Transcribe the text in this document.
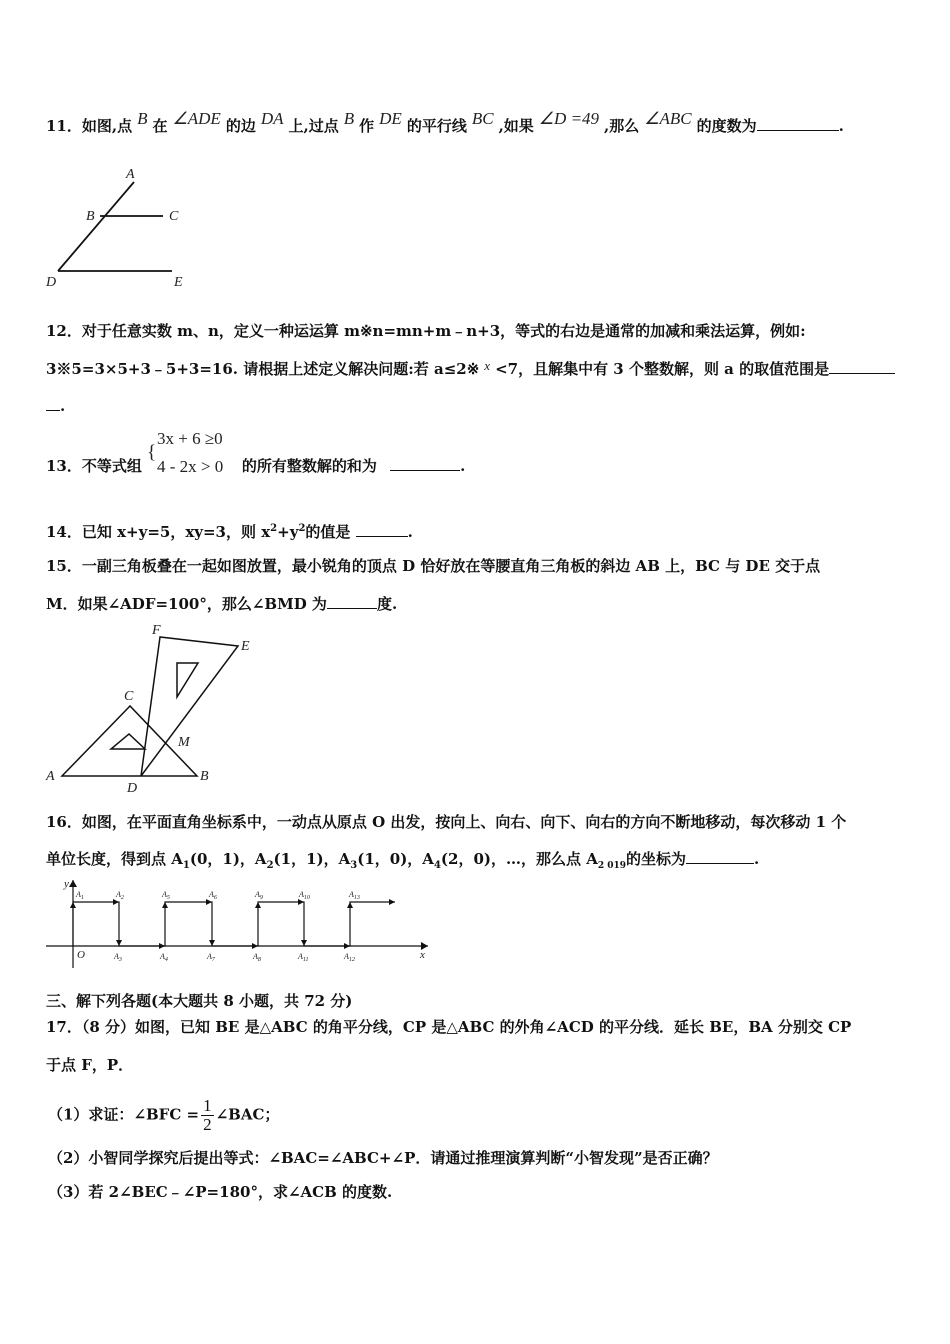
11．如图,点 B 在 ∠ADE 的边 DA 上,过点 B 作 DE 的平行线 BC ,如果 ∠D =49 ,那么 ∠ABC 的度数为	.
A
B	C
D	E
F
E
C
M
A
D
B
y
x
O
$A_1$	$A_2$	$A_5$	$A_6$	$A_9$	$A_{10}$	$A_{13}$
$A_3$	$A_4$	$A_7$	$A_8$	$A_{11}$	$A_{12}$
12．对于任意实数 m、n，定义一种运运算 m※n=mn+m﹣n+3，等式的右边是通常的加减和乘法运算，例如:
3※5=3×5+3﹣5+3=16. 请根据上述定义解决问题:若 a≤2※ x <7，且解集中有 3 个整数解，则 a 的取值范围是
.
13．不等式组	的所有整数解的和为	.
{
3x + 6 ≥0
4 - 2x > 0
14．已知 x+y=5，xy=3，则 $x^2+y^2$的值是	.
15．一副三角板叠在一起如图放置，最小锐角的顶点 D 恰好放在等腰直角三角板的斜边 AB 上，BC 与 DE 交于点
M．如果∠ADF=100°，那么∠BMD 为	度.
16．如图，在平面直角坐标系中，一动点从原点 O 出发，按向上、向右、向下、向右的方向不断地移动，每次移动 1 个
单位长度，得到点 $A_1(0$，1)，$A_2(1$，1)，$A_3(1$，0)，$A_4(2$，0)，…，那么点 $A_{2 019}$的坐标为	.
三、解下列各题(本大题共 8 小题，共 72 分)
17．（8 分）如图，已知 BE 是△ABC 的角平分线，CP 是△ABC 的外角∠ACD 的平分线．延长 BE，BA 分别交 CP
于点 F，P．
（1）求证：∠BFC = $\frac{1}{2}$ ∠BAC；
（2）小智同学探究后提出等式：∠BAC=∠ABC+∠P．请通过推理演算判断“小智发现”是否正确？
（3）若 2∠BEC﹣∠P=180°，求∠ACB 的度数.
